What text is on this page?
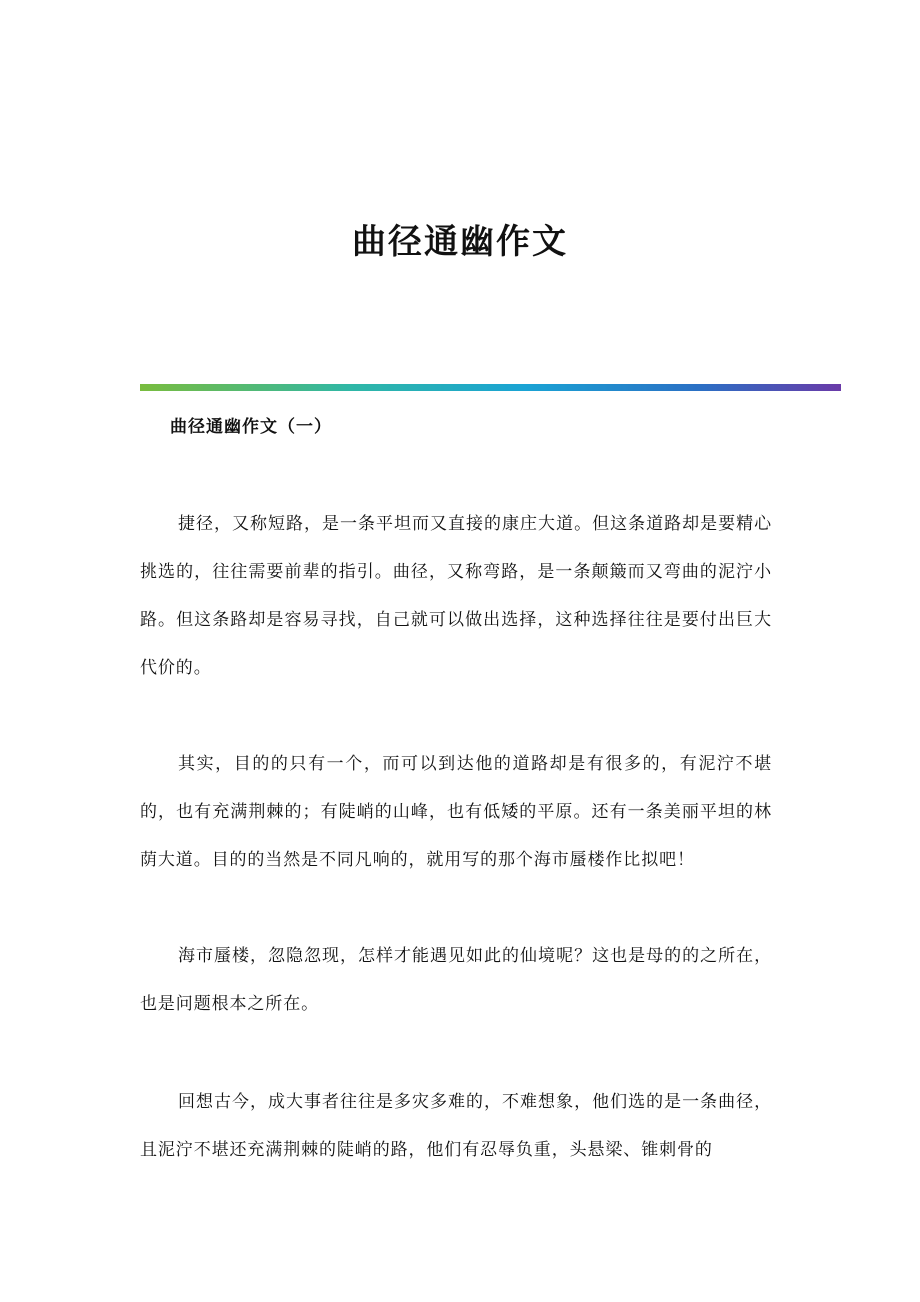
曲径通幽作文
曲径通幽作文（一）

捷径，又称短路，是一条平坦而又直接的康庄大道。但这条道路却是要精心挑选的，往往需要前辈的指引。曲径，又称弯路，是一条颠簸而又弯曲的泥泞小路。但这条路却是容易寻找，自己就可以做出选择，这种选择往往是要付出巨大代价的。

其实，目的的只有一个，而可以到达他的道路却是有很多的，有泥泞不堪的，也有充满荆棘的；有陡峭的山峰，也有低矮的平原。还有一条美丽平坦的林荫大道。目的的当然是不同凡响的，就用写的那个海市蜃楼作比拟吧！

海市蜃楼，忽隐忽现，怎样才能遇见如此的仙境呢？这也是母的的之所在，也是问题根本之所在。

回想古今，成大事者往往是多灾多难的，不难想象，他们选的是一条曲径，且泥泞不堪还充满荆棘的陡峭的路，他们有忍辱负重，头悬梁、锥刺骨的
